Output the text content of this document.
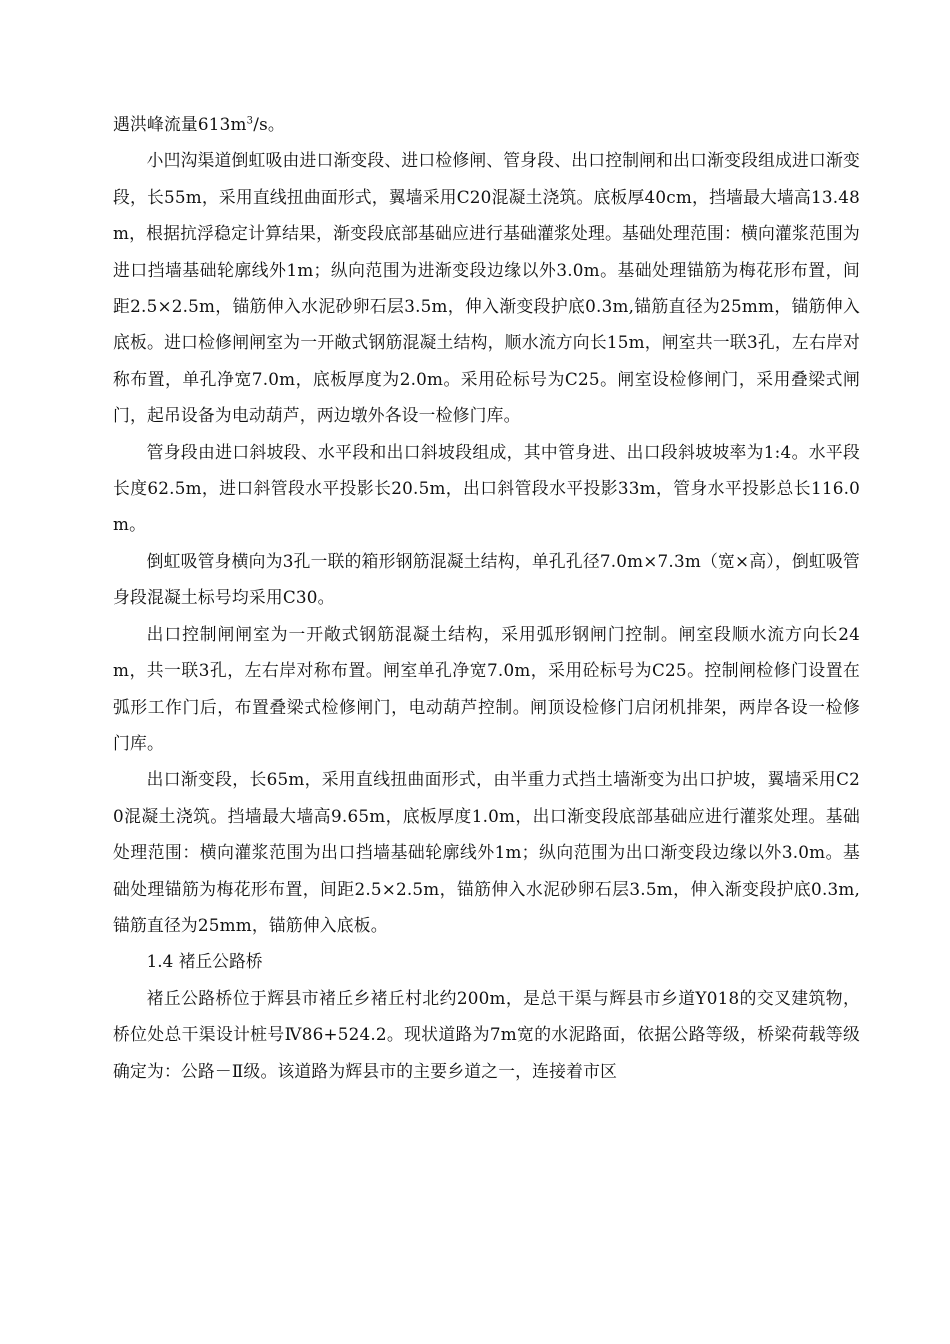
遇洪峰流量$613m^3/s$。

小凹沟渠道倒虹吸由进口渐变段、进口检修闸、管身段、出口控制闸和出口渐变段组成进口渐变段，长55m，采用直线扭曲面形式，翼墙采用C20混凝土浇筑。底板厚40cm，挡墙最大墙高13.48m，根据抗浮稳定计算结果，渐变段底部基础应进行基础灌浆处理。基础处理范围：横向灌浆范围为进口挡墙基础轮廓线外1m；纵向范围为进渐变段边缘以外3.0m。基础处理锚筋为梅花形布置，间距2.5×2.5m，锚筋伸入水泥砂卵石层3.5m，伸入渐变段护底0.3m,锚筋直径为25mm，锚筋伸入底板。进口检修闸闸室为一开敞式钢筋混凝土结构，顺水流方向长15m，闸室共一联3孔，左右岸对称布置，单孔净宽7.0m，底板厚度为2.0m。采用砼标号为C25。闸室设检修闸门，采用叠梁式闸门，起吊设备为电动葫芦，两边墩外各设一检修门库。

管身段由进口斜坡段、水平段和出口斜坡段组成，其中管身进、出口段斜坡坡率为1:4。水平段长度62.5m，进口斜管段水平投影长20.5m，出口斜管段水平投影33m，管身水平投影总长116.0m。

倒虹吸管身横向为3孔一联的箱形钢筋混凝土结构，单孔孔径7.0m×7.3m（宽×高），倒虹吸管身段混凝土标号均采用C30。

出口控制闸闸室为一开敞式钢筋混凝土结构，采用弧形钢闸门控制。闸室段顺水流方向长24m，共一联3孔，左右岸对称布置。闸室单孔净宽7.0m，采用砼标号为C25。控制闸检修门设置在弧形工作门后，布置叠梁式检修闸门，电动葫芦控制。闸顶设检修门启闭机排架，两岸各设一检修门库。

出口渐变段，长65m，采用直线扭曲面形式，由半重力式挡土墙渐变为出口护坡，翼墙采用C20混凝土浇筑。挡墙最大墙高9.65m，底板厚度1.0m，出口渐变段底部基础应进行灌浆处理。基础处理范围：横向灌浆范围为出口挡墙基础轮廓线外1m；纵向范围为出口渐变段边缘以外3.0m。基础处理锚筋为梅花形布置，间距2.5×2.5m，锚筋伸入水泥砂卵石层3.5m，伸入渐变段护底0.3m,锚筋直径为25mm，锚筋伸入底板。

1.4 褚丘公路桥

褚丘公路桥位于辉县市褚丘乡褚丘村北约200m，是总干渠与辉县市乡道Y018的交叉建筑物，桥位处总干渠设计桩号Ⅳ86+524.2。现状道路为7m宽的水泥路面，依据公路等级，桥梁荷载等级确定为：公路－Ⅱ级。该道路为辉县市的主要乡道之一，连接着市区
